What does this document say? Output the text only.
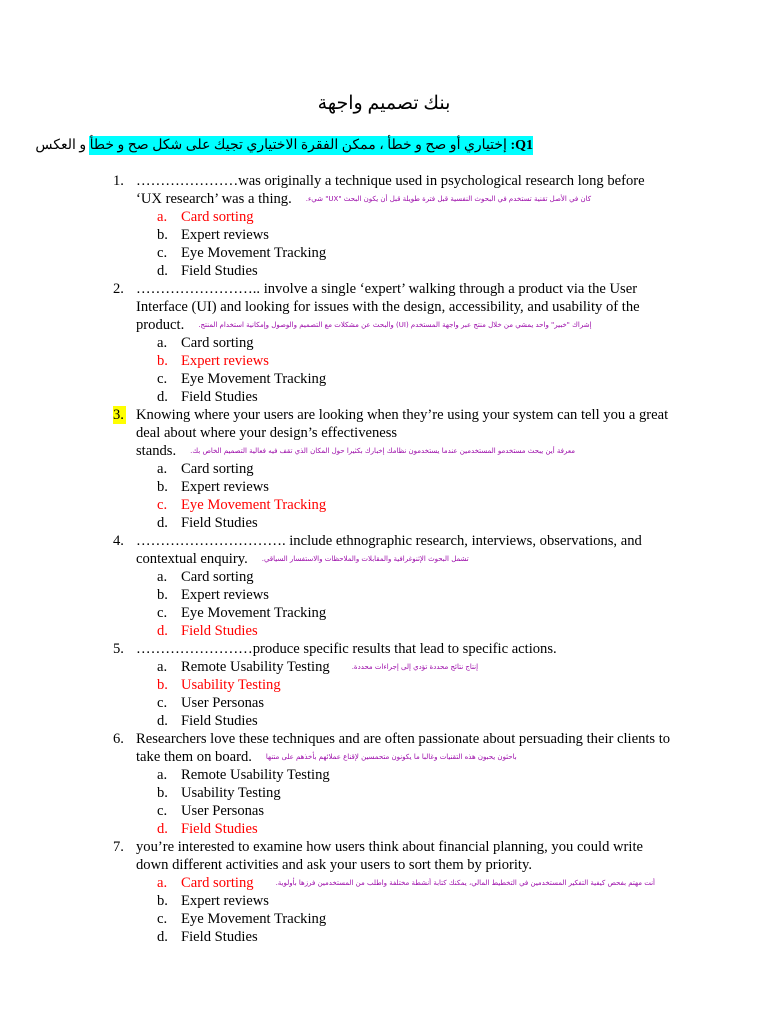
بنك تصميم واجهة
Q1: إختياري أو صح و خطأ ، ممكن الفقرة الاختياري تجيك على شكل صح و خطأ و العكس
1. …………………was originally a technique used in psychological research long before ‘UX research’ was a thing. كان في الأصل تقنية تستخدم في البحوث النفسية قبل فترة طويلة قبل أن يكون البحث "UX" شيء.
a. Card sorting
b. Expert reviews
c. Eye Movement Tracking
d. Field Studies
2. …………………….. involve a single ‘expert’ walking through a product via the User Interface (UI) and looking for issues with the design, accessibility, and usability of the product. إشراك "خبير" واحد يمشي من خلال منتج عبر واجهة المستخدم (UI) والبحث عن مشكلات مع التصميم والوصول وإمكانية استخدام المنتج.
a. Card sorting
b. Expert reviews
c. Eye Movement Tracking
d. Field Studies
3. Knowing where your users are looking when they’re using your system can tell you a great deal about where your design’s effectiveness stands. معرفة أين يبحث مستخدمو المستخدمين عندما يستخدمون نظامك إخبارك بكثيرا حول المكان الذي تقف فيه فعالية التصميم الخاص بك.
a. Card sorting
b. Expert reviews
c. Eye Movement Tracking
d. Field Studies
4. …………………………. include ethnographic research, interviews, observations, and contextual enquiry. تشمل البحوث الإثنوغرافية والمقابلات والملاحظات والاستفسار السياقي.
a. Card sorting
b. Expert reviews
c. Eye Movement Tracking
d. Field Studies
5. ……………………produce specific results that lead to specific actions.
a. Remote Usability Testing	إنتاج نتائج محددة تؤدي إلى إجراءات محددة.
b. Usability Testing
c. User Personas
d. Field Studies
6. Researchers love these techniques and are often passionate about persuading their clients to take them on board. باحثون يحبون هذه التقنيات وغالبا ما يكونون متحمسين لإقناع عملائهم بأخذهم على متنها
a. Remote Usability Testing
b. Usability Testing
c. User Personas
d. Field Studies
7. you’re interested to examine how users think about financial planning, you could write down different activities and ask your users to sort them by priority.
a. Card sorting	أنت مهتم بفحص كيفية التفكير المستخدمين في التخطيط المالي، يمكنك كتابة أنشطة مختلفة واطلب من المستخدمين فرزها بأولوية.
b. Expert reviews
c. Eye Movement Tracking
d. Field Studies
